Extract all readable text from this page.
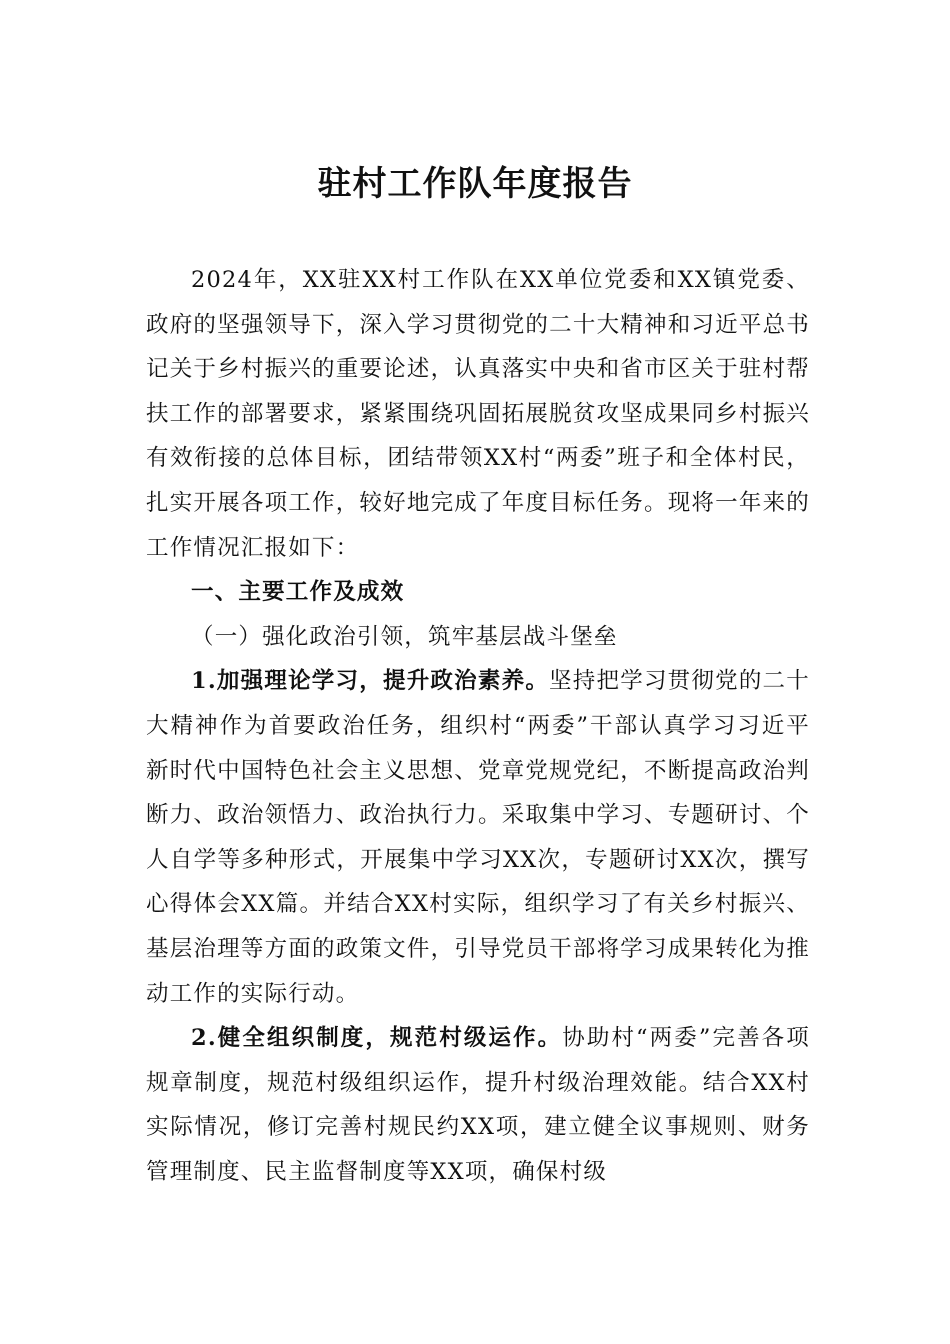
驻村工作队年度报告

2024年，XX驻XX村工作队在XX单位党委和XX镇党委、政府的坚强领导下，深入学习贯彻党的二十大精神和习近平总书记关于乡村振兴的重要论述，认真落实中央和省市区关于驻村帮扶工作的部署要求，紧紧围绕巩固拓展脱贫攻坚成果同乡村振兴有效衔接的总体目标，团结带领XX村“两委”班子和全体村民，扎实开展各项工作，较好地完成了年度目标任务。现将一年来的工作情况汇报如下：

一、主要工作及成效

（一）强化政治引领，筑牢基层战斗堡垒

1.加强理论学习，提升政治素养。坚持把学习贯彻党的二十大精神作为首要政治任务，组织村“两委”干部认真学习习近平新时代中国特色社会主义思想、党章党规党纪，不断提高政治判断力、政治领悟力、政治执行力。采取集中学习、专题研讨、个人自学等多种形式，开展集中学习XX次，专题研讨XX次，撰写心得体会XX篇。并结合XX村实际，组织学习了有关乡村振兴、基层治理等方面的政策文件，引导党员干部将学习成果转化为推动工作的实际行动。

2.健全组织制度，规范村级运作。协助村“两委”完善各项规章制度，规范村级组织运作，提升村级治理效能。结合XX村实际情况，修订完善村规民约XX项，建立健全议事规则、财务管理制度、民主监督制度等XX项，确保村级
